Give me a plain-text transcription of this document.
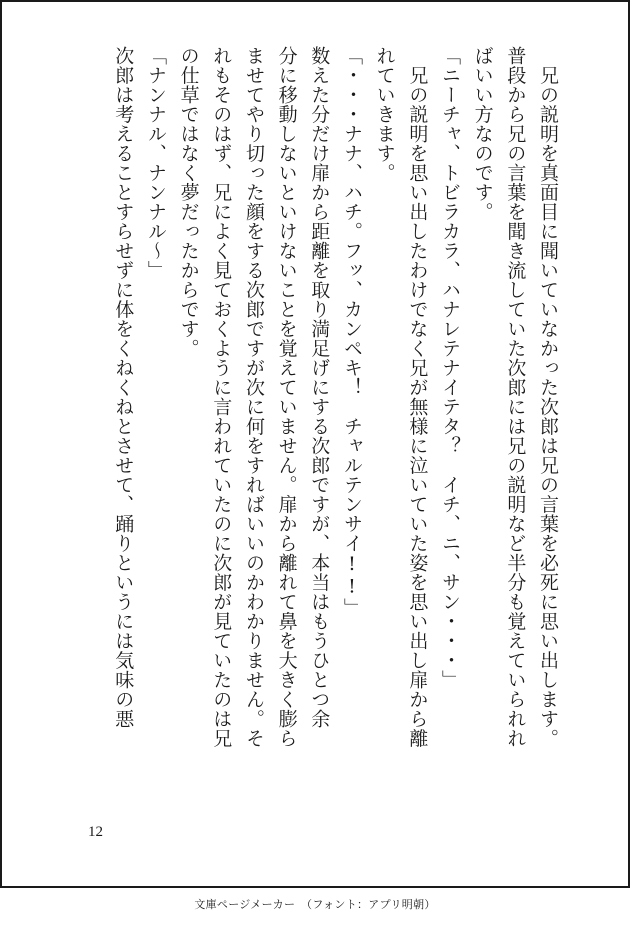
　兄の説明を真面目に聞いていなかった次郎は兄の言葉を必死に思い出します。

普段から兄の言葉を聞き流していた次郎には兄の説明など半分も覚えていられれ

ばいい方なのです。

「ニーチャ、トビラカラ、ハナレテナイテタ？　イチ、ニ、サン・・・」

　兄の説明を思い出したわけでなく兄が無様に泣いていた姿を思い出し扉から離

れていきます。

「・・・ナナ、ハチ。フッ、カンペキ！　チャルテンサイ!!」

数えた分だけ扉から距離を取り満足げにする次郎ですが、本当はもうひとつ余

分に移動しないといけないことを覚えていません。扉から離れて鼻を大きく膨ら

ませてやり切った顔をする次郎ですが次に何をすればいいのかわかりません。そ

れもそのはず、兄によく見ておくように言われていたのに次郎が見ていたのは兄

の仕草ではなく夢だったからです。

「ナンナル、ナンナル～」

次郎は考えることすらせずに体をくねくねとさせて、踊りというには気味の悪

12
文庫ページメーカー　（フォント：アプリ明朝）
